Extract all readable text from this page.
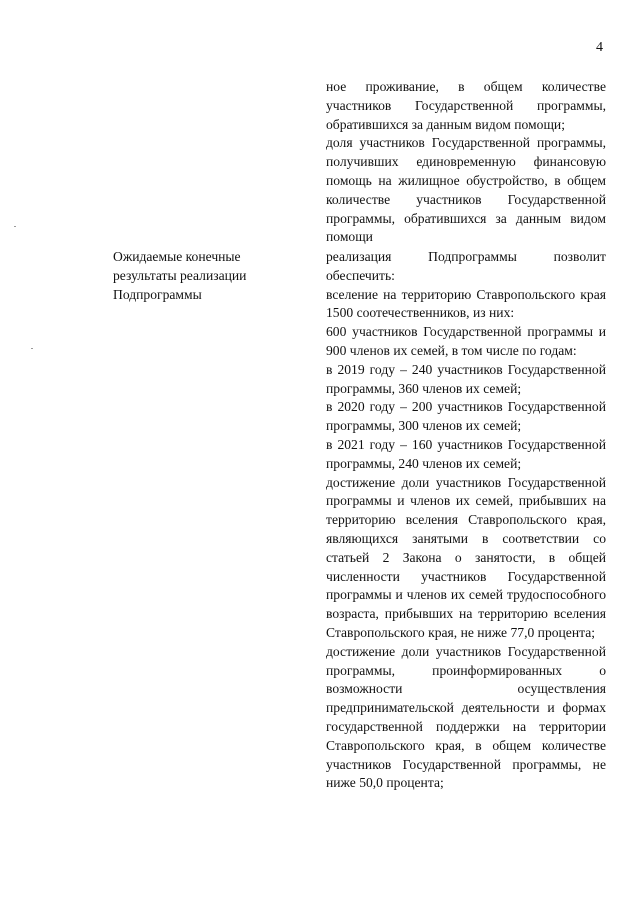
4

ное проживание, в общем количестве участников Государственной программы, обратившихся за данным видом помощи;

доля участников Государственной программы, получивших единовременную финансовую помощь на жилищное обустройство, в общем количестве участников Государственной программы, обратившихся за данным видом помощи

Ожидаемые конечные результаты реализации Подпрограммы

реализация Подпрограммы позволит обеспечить:

вселение на территорию Ставропольского края 1500 соотечественников, из них:

600 участников Государственной программы и 900 членов их семей, в том числе по годам:

в 2019 году – 240 участников Государственной программы, 360 членов их семей;

в 2020 году – 200 участников Государственной программы, 300 членов их семей;

в 2021 году – 160 участников Государственной программы, 240 членов их семей;

достижение доли участников Государственной программы и членов их семей, прибывших на территорию вселения Ставропольского края, являющихся занятыми в соответствии со статьей 2 Закона о занятости, в общей численности участников Государственной программы и членов их семей трудоспособного возраста, прибывших на территорию вселения Ставропольского края, не ниже 77,0 процента;

достижение доли участников Государственной программы, проинформированных о возможности осуществления предпринимательской деятельности и формах государственной поддержки на территории Ставропольского края, в общем количестве участников Государственной программы, не ниже 50,0 процента;
